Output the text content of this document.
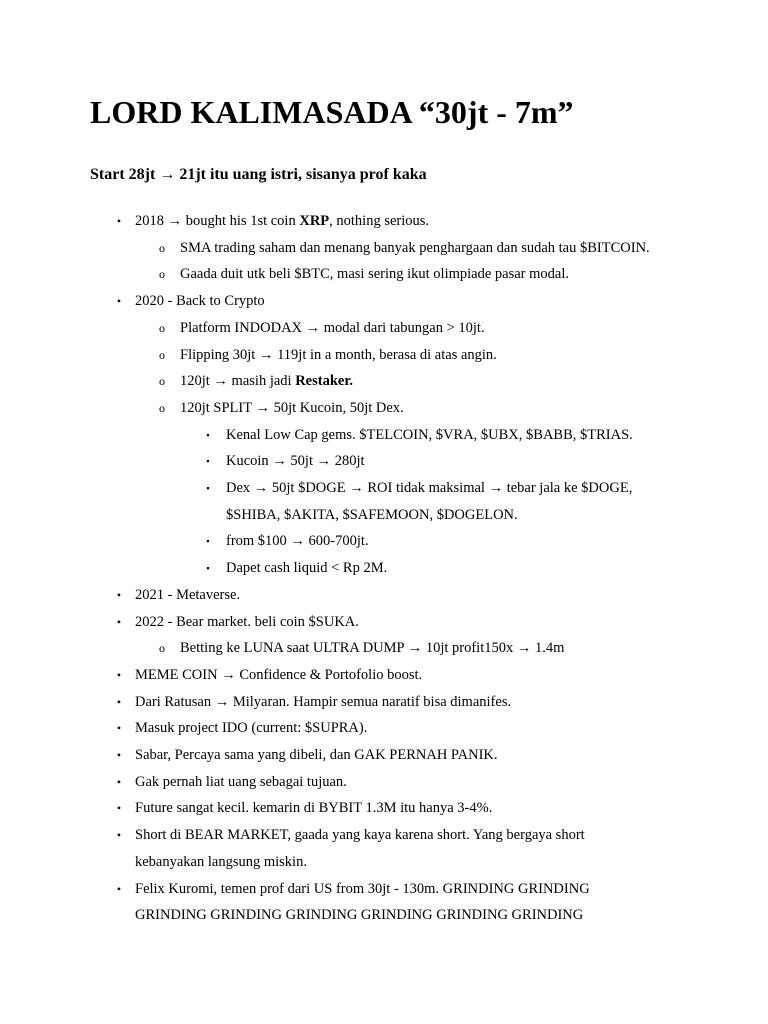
LORD KALIMASADA “30jt - 7m”

Start 28jt → 21jt itu uang istri, sisanya prof kaka

• 2018 → bought his 1st coin XRP, nothing serious.
o SMA trading saham dan menang banyak penghargaan dan sudah tau $BITCOIN.
o Gaada duit utk beli $BTC, masi sering ikut olimpiade pasar modal.
• 2020 - Back to Crypto
o Platform INDODAX → modal dari tabungan > 10jt.
o Flipping 30jt → 119jt in a month, berasa di atas angin.
o 120jt → masih jadi Restaker.
o 120jt SPLIT → 50jt Kucoin, 50jt Dex.
▪	Kenal Low Cap gems. $TELCOIN, $VRA, $UBX, $BABB, $TRIAS.
▪	Kucoin → 50jt → 280jt
▪	Dex → 50jt $DOGE → ROI tidak maksimal → tebar jala ke $DOGE, $SHIBA, $AKITA, $SAFEMOON, $DOGELON.
▪	from $100 → 600-700jt.
▪	Dapet cash liquid < Rp 2M.
• 2021 - Metaverse.
• 2022 - Bear market. beli coin $SUKA.
o Betting ke LUNA saat ULTRA DUMP → 10jt profit150x → 1.4m
• MEME COIN → Confidence & Portofolio boost.
• Dari Ratusan → Milyaran. Hampir semua naratif bisa dimanifes.
• Masuk project IDO (current: $SUPRA).
• Sabar, Percaya sama yang dibeli, dan GAK PERNAH PANIK.
• Gak pernah liat uang sebagai tujuan.
• Future sangat kecil. kemarin di BYBIT 1.3M itu hanya 3-4%.
• Short di BEAR MARKET, gaada yang kaya karena short. Yang bergaya short kebanyakan langsung miskin.
• Felix Kuromi, temen prof dari US from 30jt - 130m. GRINDING GRINDING GRINDING GRINDING GRINDING GRINDING GRINDING GRINDING
